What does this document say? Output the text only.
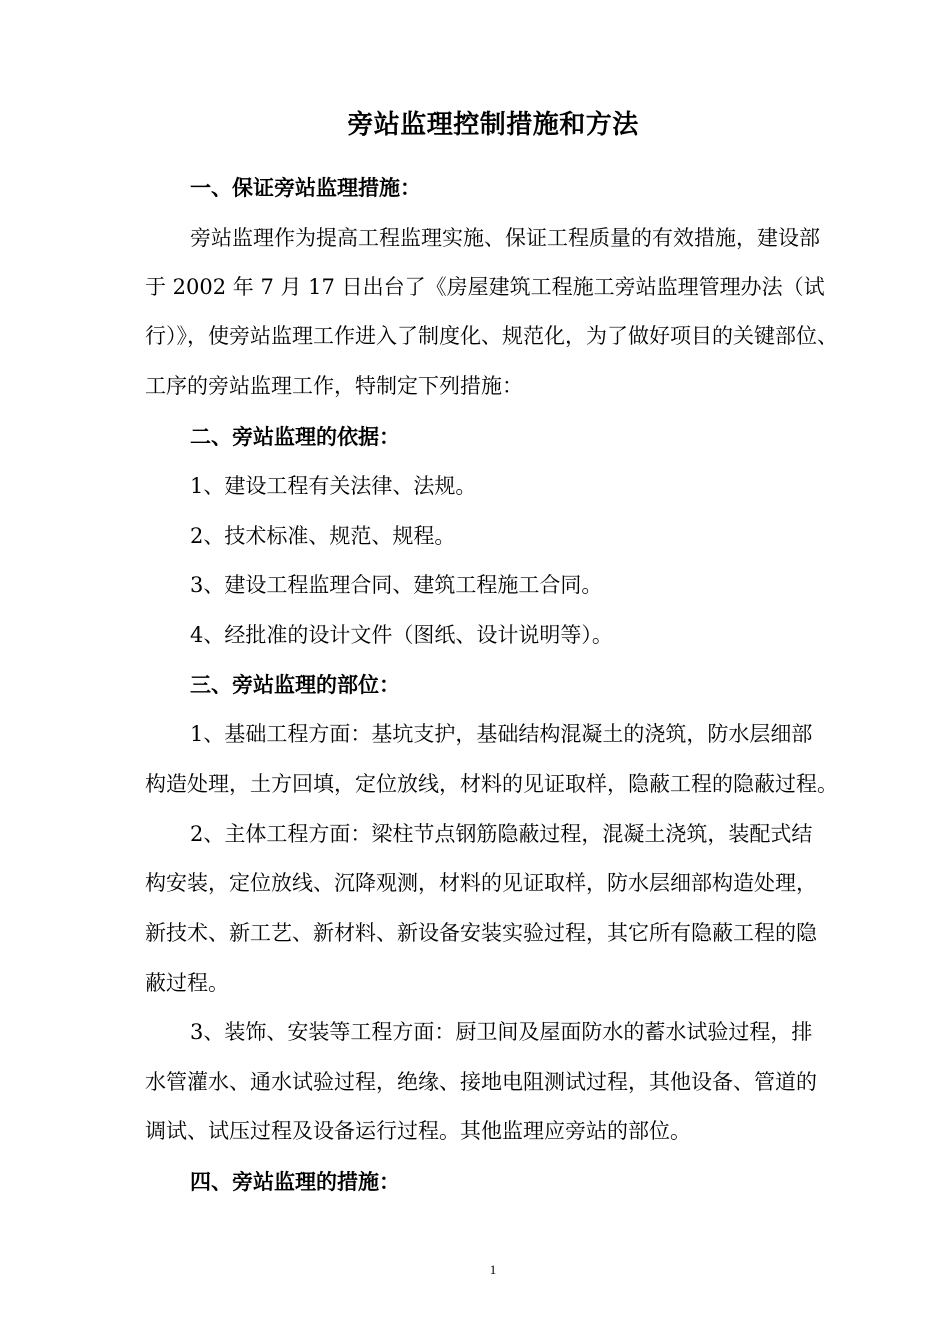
旁站监理控制措施和方法
一、保证旁站监理措施：
旁站监理作为提高工程监理实施、保证工程质量的有效措施，建设部
于 2002 年 7 月 17 日出台了《房屋建筑工程施工旁站监理管理办法（试
行）》，使旁站监理工作进入了制度化、规范化，为了做好项目的关键部位、
工序的旁站监理工作，特制定下列措施：
二、旁站监理的依据：
1、建设工程有关法律、法规。
2、技术标准、规范、规程。
3、建设工程监理合同、建筑工程施工合同。
4、经批准的设计文件（图纸、设计说明等）。
三、旁站监理的部位：
1、基础工程方面：基坑支护，基础结构混凝土的浇筑，防水层细部
构造处理，土方回填，定位放线，材料的见证取样，隐蔽工程的隐蔽过程。
2、主体工程方面：梁柱节点钢筋隐蔽过程，混凝土浇筑，装配式结
构安装，定位放线、沉降观测，材料的见证取样，防水层细部构造处理，
新技术、新工艺、新材料、新设备安装实验过程，其它所有隐蔽工程的隐
蔽过程。
3、装饰、安装等工程方面：厨卫间及屋面防水的蓄水试验过程，排
水管灌水、通水试验过程，绝缘、接地电阻测试过程，其他设备、管道的
调试、试压过程及设备运行过程。其他监理应旁站的部位。
四、旁站监理的措施：
1
